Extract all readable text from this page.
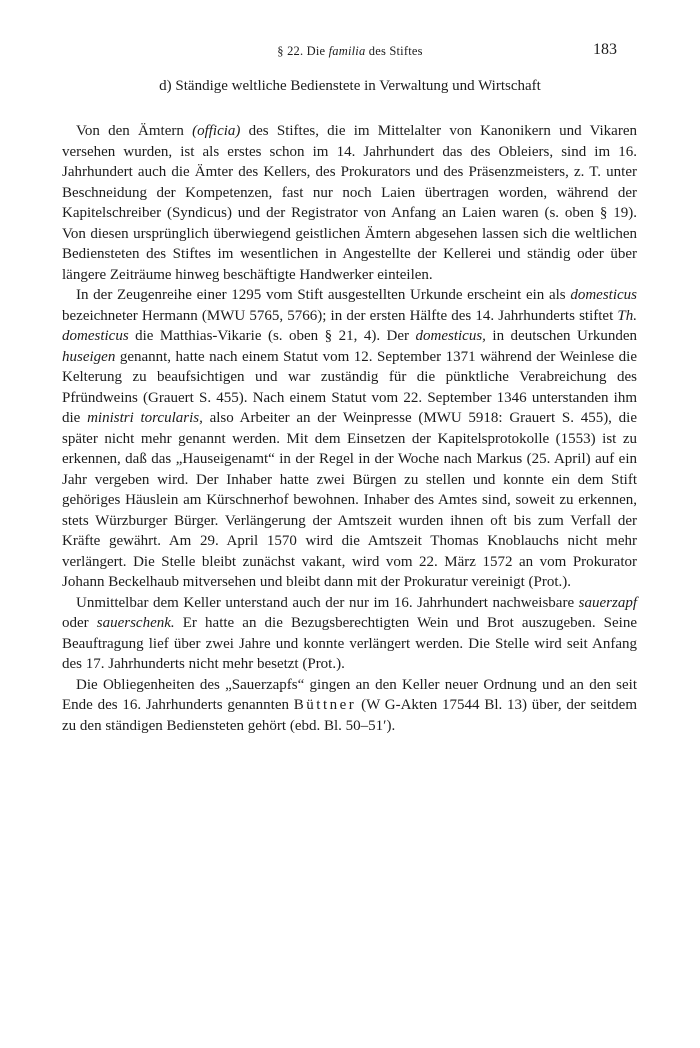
§ 22. Die familia des Stiftes	183
d) Ständige weltliche Bedienstete in Verwaltung und Wirtschaft

Von den Ämtern (officia) des Stiftes, die im Mittelalter von Kanonikern und Vikaren versehen wurden, ist als erstes schon im 14. Jahrhundert das des Obleiers, sind im 16. Jahrhundert auch die Ämter des Kellers, des Prokurators und des Präsenzmeisters, z. T. unter Beschneidung der Kompetenzen, fast nur noch Laien übertragen worden, während der Kapitelschreiber (Syndicus) und der Registrator von Anfang an Laien waren (s. oben § 19). Von diesen ursprünglich überwiegend geistlichen Ämtern abgesehen lassen sich die weltlichen Bediensteten des Stiftes im wesentlichen in Angestellte der Kellerei und ständig oder über längere Zeiträume hinweg beschäftigte Handwerker einteilen.

In der Zeugenreihe einer 1295 vom Stift ausgestellten Urkunde erscheint ein als domesticus bezeichneter Hermann (MWU 5765, 5766); in der ersten Hälfte des 14. Jahrhunderts stiftet Th. domesticus die Matthias-Vikarie (s. oben § 21, 4). Der domesticus, in deutschen Urkunden huseigen genannt, hatte nach einem Statut vom 12. September 1371 während der Weinlese die Kelterung zu beaufsichtigen und war zuständig für die pünktliche Verabreichung des Pfründweins (Grauert S. 455). Nach einem Statut vom 22. September 1346 unterstanden ihm die ministri torcularis, also Arbeiter an der Weinpresse (MWU 5918: Grauert S. 455), die später nicht mehr genannt werden. Mit dem Einsetzen der Kapitelsprotokolle (1553) ist zu erkennen, daß das „Hauseigenamt“ in der Regel in der Woche nach Markus (25. April) auf ein Jahr vergeben wird. Der Inhaber hatte zwei Bürgen zu stellen und konnte ein dem Stift gehöriges Häuslein am Kürschnerhof bewohnen. Inhaber des Amtes sind, soweit zu erkennen, stets Würzburger Bürger. Verlängerung der Amtszeit wurden ihnen oft bis zum Verfall der Kräfte gewährt. Am 29. April 1570 wird die Amtszeit Thomas Knoblauchs nicht mehr verlängert. Die Stelle bleibt zunächst vakant, wird vom 22. März 1572 an vom Prokurator Johann Beckelhaub mitversehen und bleibt dann mit der Prokuratur vereinigt (Prot.).

Unmittelbar dem Keller unterstand auch der nur im 16. Jahrhundert nachweisbare sauerzapf oder sauerschenk. Er hatte an die Bezugsberechtigten Wein und Brot auszugeben. Seine Beauftragung lief über zwei Jahre und konnte verlängert werden. Die Stelle wird seit Anfang des 17. Jahrhunderts nicht mehr besetzt (Prot.).

Die Obliegenheiten des „Sauerzapfs“ gingen an den Keller neuer Ordnung und an den seit Ende des 16. Jahrhunderts genannten Büttner (W G-Akten 17544 Bl. 13) über, der seitdem zu den ständigen Bediensteten gehört (ebd. Bl. 50–51′).
